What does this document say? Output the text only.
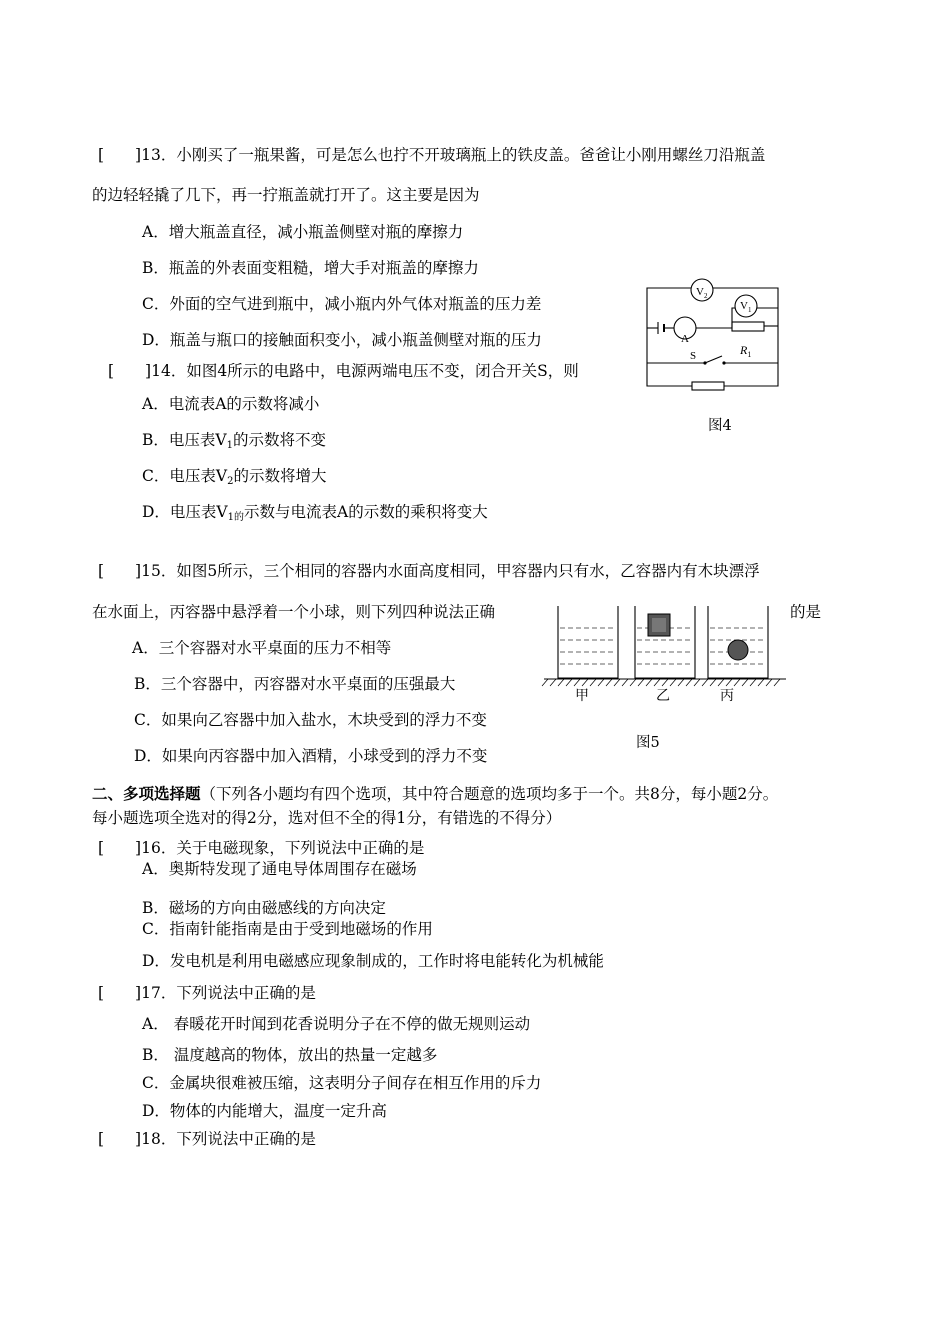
[　　]13．小刚买了一瓶果酱，可是怎么也拧不开玻璃瓶上的铁皮盖。爸爸让小刚用螺丝刀沿瓶盖
的边轻轻撬了几下，再一拧瓶盖就打开了。这主要是因为
A．增大瓶盖直径，减小瓶盖侧壁对瓶的摩擦力
B．瓶盖的外表面变粗糙，增大手对瓶盖的摩擦力
C．外面的空气进到瓶中，减小瓶内外气体对瓶盖的压力差
D．瓶盖与瓶口的接触面积变小，减小瓶盖侧壁对瓶的压力
[　　]14．如图4所示的电路中，电源两端电压不变，闭合开关S，则
A．电流表A的示数将减小
B．电压表$V_1$的示数将不变
C．电压表$V_2$的示数将增大
D．电压表$V_{1的}$示数与电流表A的示数的乘积将变大
$V_2$
$V_1$
A
S	$R_1$
图4
[　　]15．如图5所示，三个相同的容器内水面高度相同，甲容器内只有水，乙容器内有木块漂浮
在水面上，丙容器中悬浮着一个小球，则下列四种说法正确	的是
A．三个容器对水平桌面的压力不相等
B．三个容器中，丙容器对水平桌面的压强最大
C．如果向乙容器中加入盐水，木块受到的浮力不变
D．如果向丙容器中加入酒精，小球受到的浮力不变
甲	乙	丙
图5
二、多项选择题（下列各小题均有四个选项，其中符合题意的选项均多于一个。共8分，每小题2分。
每小题选项全选对的得2分，选对但不全的得1分，有错选的不得分）
[　　]16．关于电磁现象，下列说法中正确的是
A．奥斯特发现了通电导体周围存在磁场
B．磁场的方向由磁感线的方向决定
C．指南针能指南是由于受到地磁场的作用
D．发电机是利用电磁感应现象制成的，工作时将电能转化为机械能
[　　]17．下列说法中正确的是
A． 春暖花开时闻到花香说明分子在不停的做无规则运动
B． 温度越高的物体，放出的热量一定越多
C．金属块很难被压缩，这表明分子间存在相互作用的斥力
D．物体的内能增大，温度一定升高
[　　]18．下列说法中正确的是
